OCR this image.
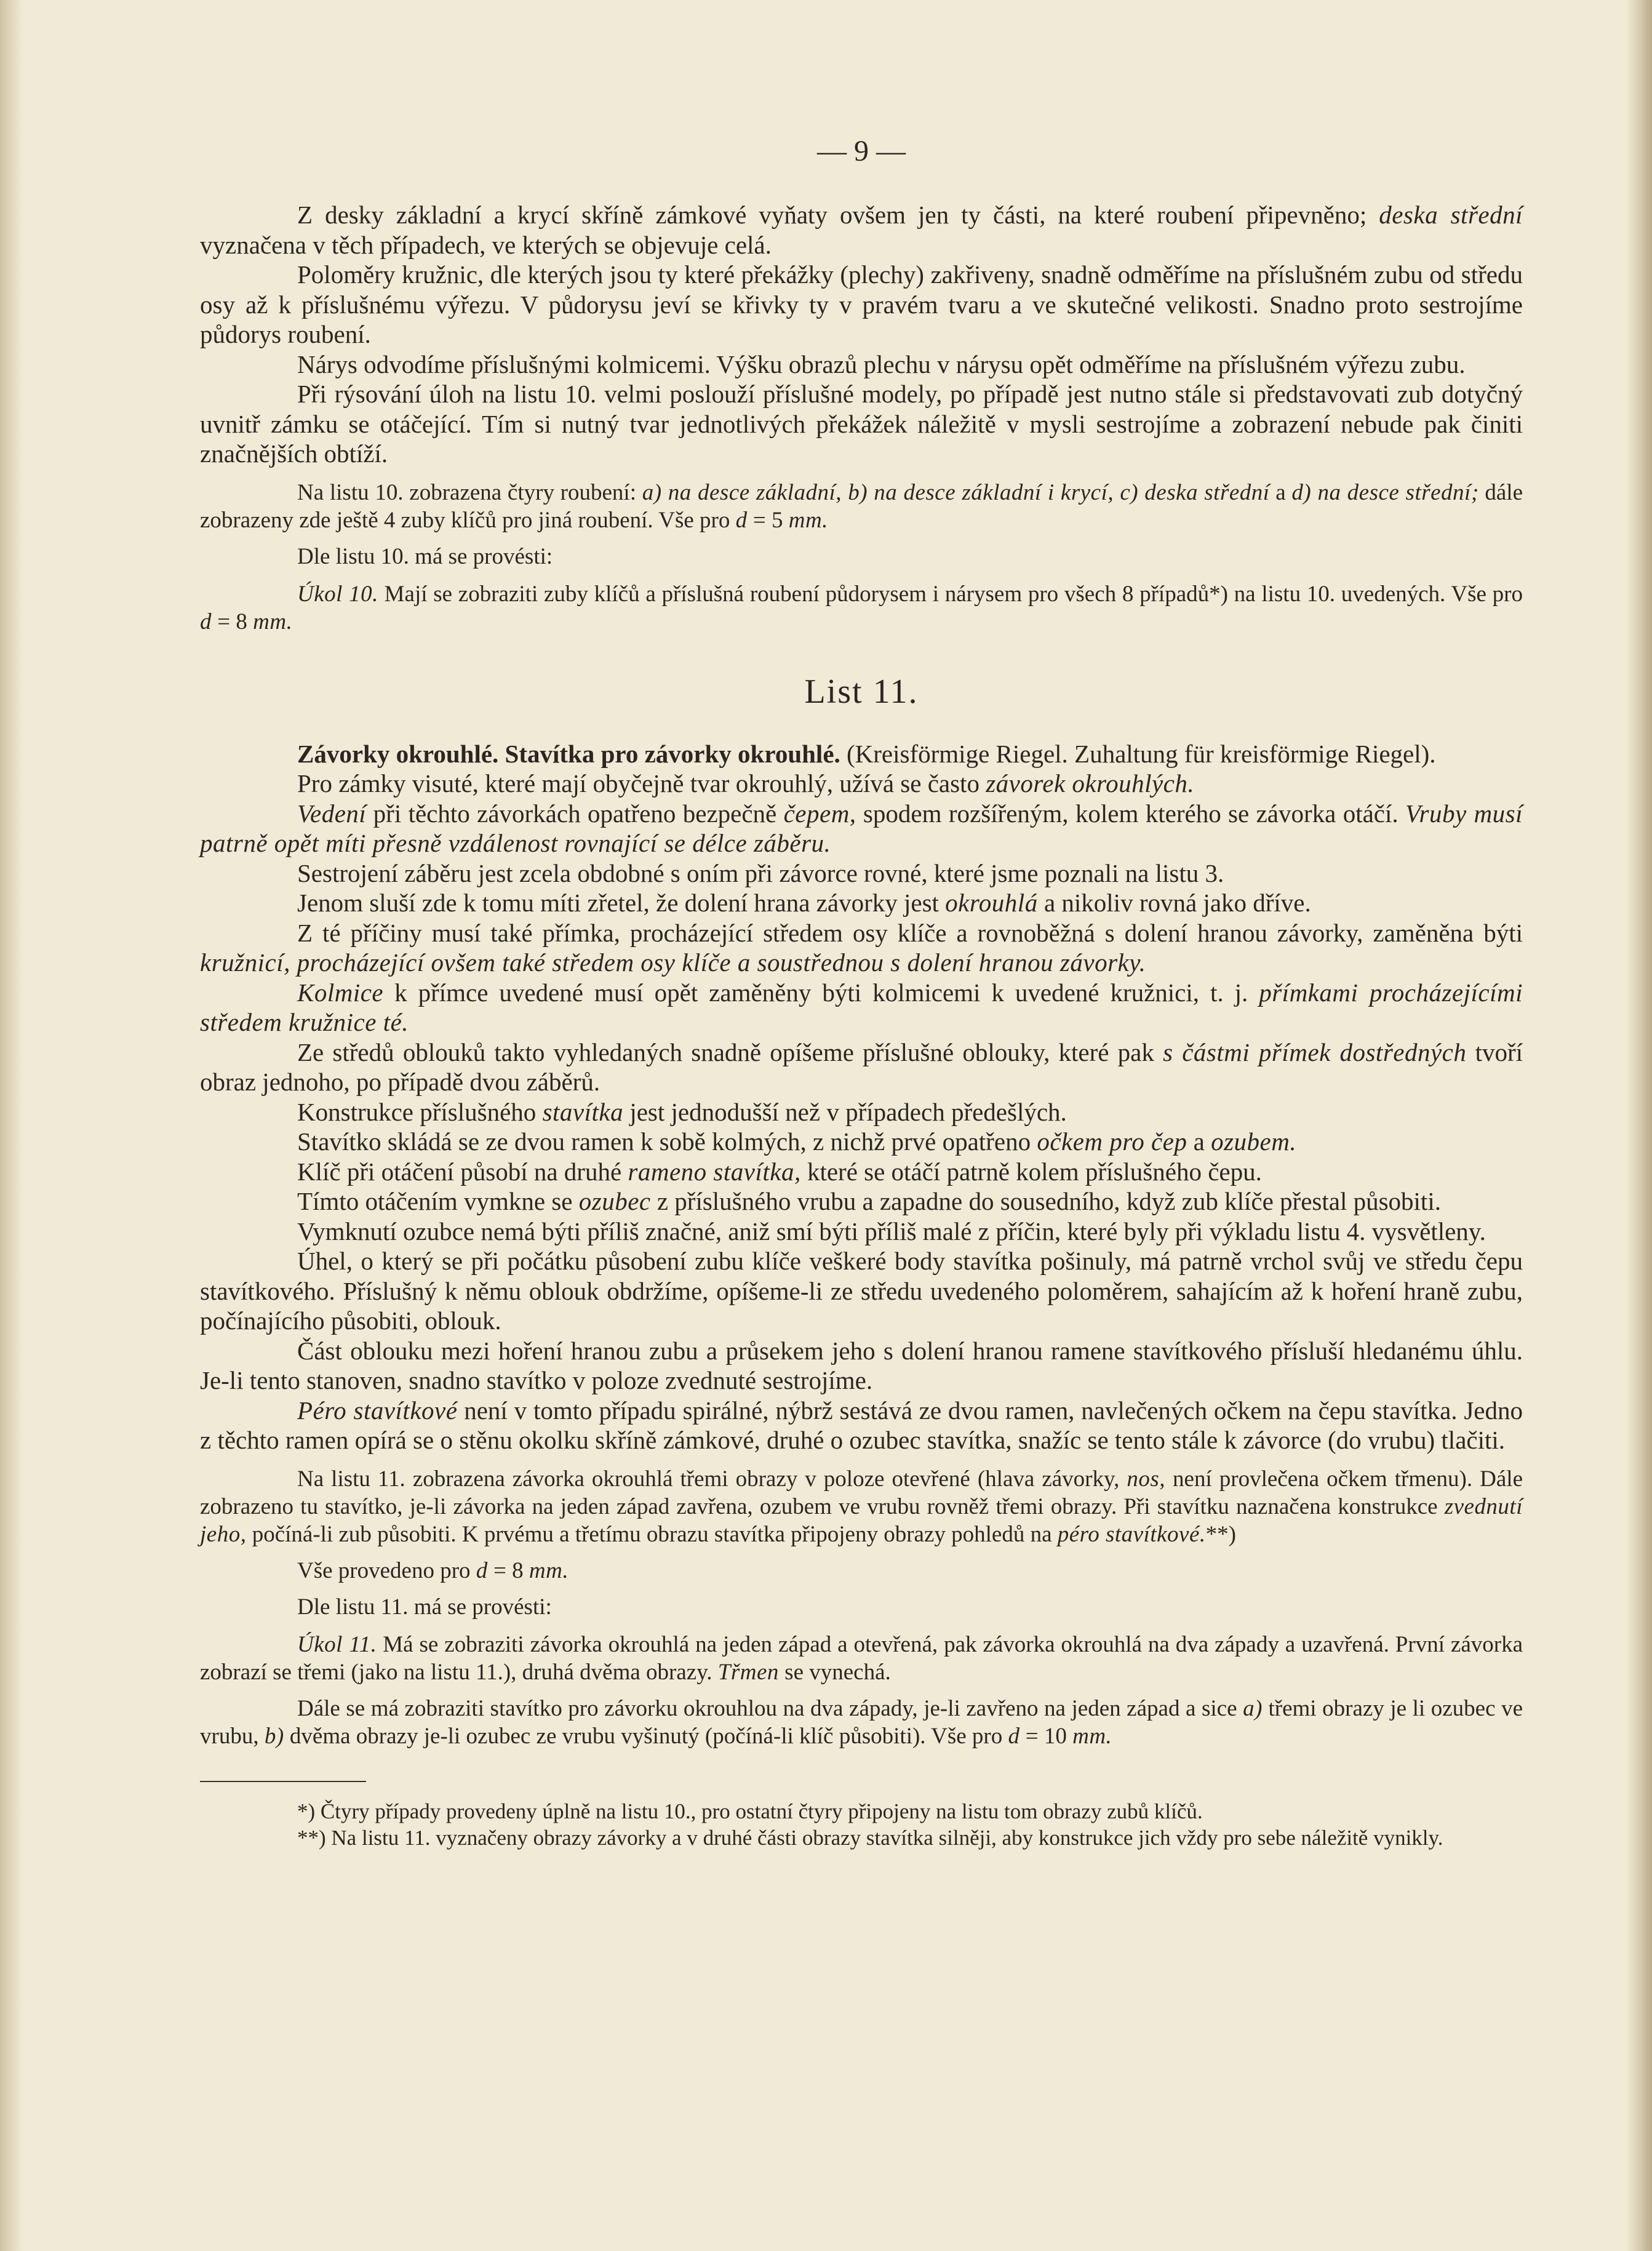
— 9 —

Z desky základní a krycí skříně zámkové vyňaty ovšem jen ty části, na které roubení připevněno; deska střední vyznačena v těch případech, ve kterých se objevuje celá.

Poloměry kružnic, dle kterých jsou ty které překážky (plechy) zakřiveny, snadně odměříme na příslušném zubu od středu osy až k příslušnému výřezu. V půdorysu jeví se křivky ty v pravém tvaru a ve skutečné velikosti. Snadno proto sestrojíme půdorys roubení.

Nárys odvodíme příslušnými kolmicemi. Výšku obrazů plechu v nárysu opět odměříme na příslušném výřezu zubu.

Při rýsování úloh na listu 10. velmi poslouží příslušné modely, po případě jest nutno stále si představovati zub dotyčný uvnitř zámku se otáčející. Tím si nutný tvar jednotlivých překážek náležitě v mysli sestrojíme a zobrazení nebude pak činiti značnějších obtíží.

Na listu 10. zobrazena čtyry roubení: a) na desce základní, b) na desce základní i krycí, c) deska střední a d) na desce střední; dále zobrazeny zde ještě 4 zuby klíčů pro jiná roubení. Vše pro d = 5 mm.

Dle listu 10. má se provésti:

Úkol 10. Mají se zobraziti zuby klíčů a příslušná roubení půdorysem i nárysem pro všech 8 případů*) na listu 10. uvedených. Vše pro d = 8 mm.

List 11.

Závorky okrouhlé. Stavítka pro závorky okrouhlé. (Kreisförmige Riegel. Zuhaltung für kreisförmige Riegel).

Pro zámky visuté, které mají obyčejně tvar okrouhlý, užívá se často závorek okrouhlých.

Vedení při těchto závorkách opatřeno bezpečně čepem, spodem rozšířeným, kolem kterého se závorka otáčí. Vruby musí patrně opět míti přesně vzdálenost rovnající se délce záběru.

Sestrojení záběru jest zcela obdobné s oním při závorce rovné, které jsme poznali na listu 3.

Jenom sluší zde k tomu míti zřetel, že dolení hrana závorky jest okrouhlá a nikoliv rovná jako dříve.

Z té příčiny musí také přímka, procházející středem osy klíče a rovnoběžná s dolení hranou závorky, zaměněna býti kružnicí, procházející ovšem také středem osy klíče a soustřednou s dolení hranou závorky.

Kolmice k přímce uvedené musí opět zaměněny býti kolmicemi k uvedené kružnici, t. j. přímkami procházejícími středem kružnice té.

Ze středů oblouků takto vyhledaných snadně opíšeme příslušné oblouky, které pak s částmi přímek dostředných tvoří obraz jednoho, po případě dvou záběrů.

Konstrukce příslušného stavítka jest jednodušší než v případech předešlých.

Stavítko skládá se ze dvou ramen k sobě kolmých, z nichž prvé opatřeno očkem pro čep a ozubem.

Klíč při otáčení působí na druhé rameno stavítka, které se otáčí patrně kolem příslušného čepu.

Tímto otáčením vymkne se ozubec z příslušného vrubu a zapadne do sousedního, když zub klíče přestal působiti.

Vymknutí ozubce nemá býti příliš značné, aniž smí býti příliš malé z příčin, které byly při výkladu listu 4. vysvětleny.

Úhel, o který se při počátku působení zubu klíče veškeré body stavítka pošinuly, má patrně vrchol svůj ve středu čepu stavítkového. Příslušný k němu oblouk obdržíme, opíšeme-li ze středu uvedeného poloměrem, sahajícím až k hoření hraně zubu, počínajícího působiti, oblouk.

Část oblouku mezi hoření hranou zubu a průsekem jeho s dolení hranou ramene stavítkového přísluší hledanému úhlu. Je-li tento stanoven, snadno stavítko v poloze zvednuté sestrojíme.

Péro stavítkové není v tomto případu spirálné, nýbrž sestává ze dvou ramen, navlečených očkem na čepu stavítka. Jedno z těchto ramen opírá se o stěnu okolku skříně zámkové, druhé o ozubec stavítka, snažíc se tento stále k závorce (do vrubu) tlačiti.

Na listu 11. zobrazena závorka okrouhlá třemi obrazy v poloze otevřené (hlava závorky, nos, není provlečena očkem třmenu). Dále zobrazeno tu stavítko, je-li závorka na jeden západ zavřena, ozubem ve vrubu rovněž třemi obrazy. Při stavítku naznačena konstrukce zvednutí jeho, počíná-li zub působiti. K prvému a třetímu obrazu stavítka připojeny obrazy pohledů na péro stavítkové.**)

Vše provedeno pro d = 8 mm.

Dle listu 11. má se provésti:

Úkol 11. Má se zobraziti závorka okrouhlá na jeden západ a otevřená, pak závorka okrouhlá na dva západy a uzavřená. První závorka zobrazí se třemi (jako na listu 11.), druhá dvěma obrazy. Třmen se vynechá.

Dále se má zobraziti stavítko pro závorku okrouhlou na dva západy, je-li zavřeno na jeden západ a sice a) třemi obrazy je li ozubec ve vrubu, b) dvěma obrazy je-li ozubec ze vrubu vyšinutý (počíná-li klíč působiti). Vše pro d = 10 mm.

*) Čtyry případy provedeny úplně na listu 10., pro ostatní čtyry připojeny na listu tom obrazy zubů klíčů.

**) Na listu 11. vyznačeny obrazy závorky a v druhé části obrazy stavítka silněji, aby konstrukce jich vždy pro sebe náležitě vynikly.
